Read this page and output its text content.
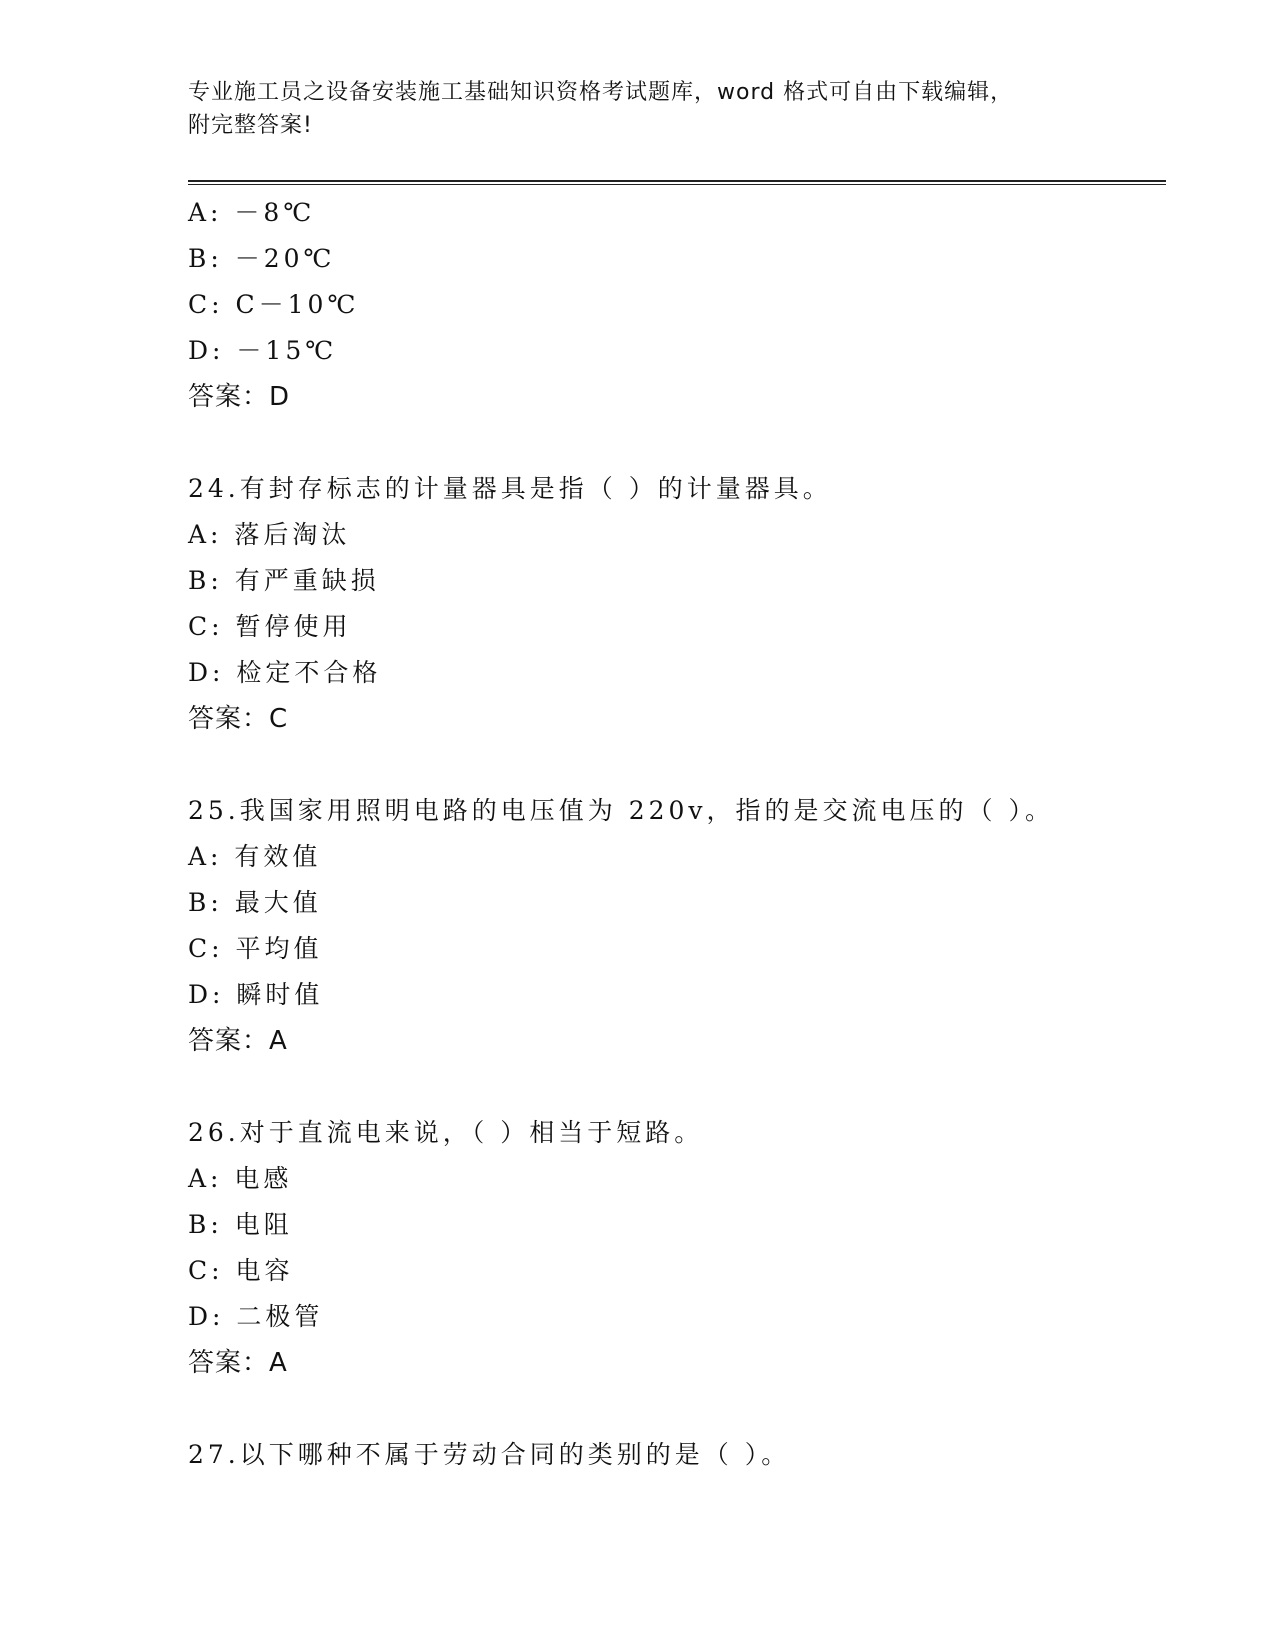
专业施工员之设备安装施工基础知识资格考试题库，word 格式可自由下载编辑，
附完整答案!
A: －8℃
B: －20℃
C: C－10℃
D: －15℃
答案：D
24.有封存标志的计量器具是指（ ）的计量器具。
A: 落后淘汰
B: 有严重缺损
C: 暂停使用
D: 检定不合格
答案：C
25.我国家用照明电路的电压值为 220v，指的是交流电压的（ ）。
A: 有效值
B: 最大值
C: 平均值
D: 瞬时值
答案：A
26.对于直流电来说，（ ）相当于短路。
A: 电感
B: 电阻
C: 电容
D: 二极管
答案：A
27.以下哪种不属于劳动合同的类别的是（ ）。
